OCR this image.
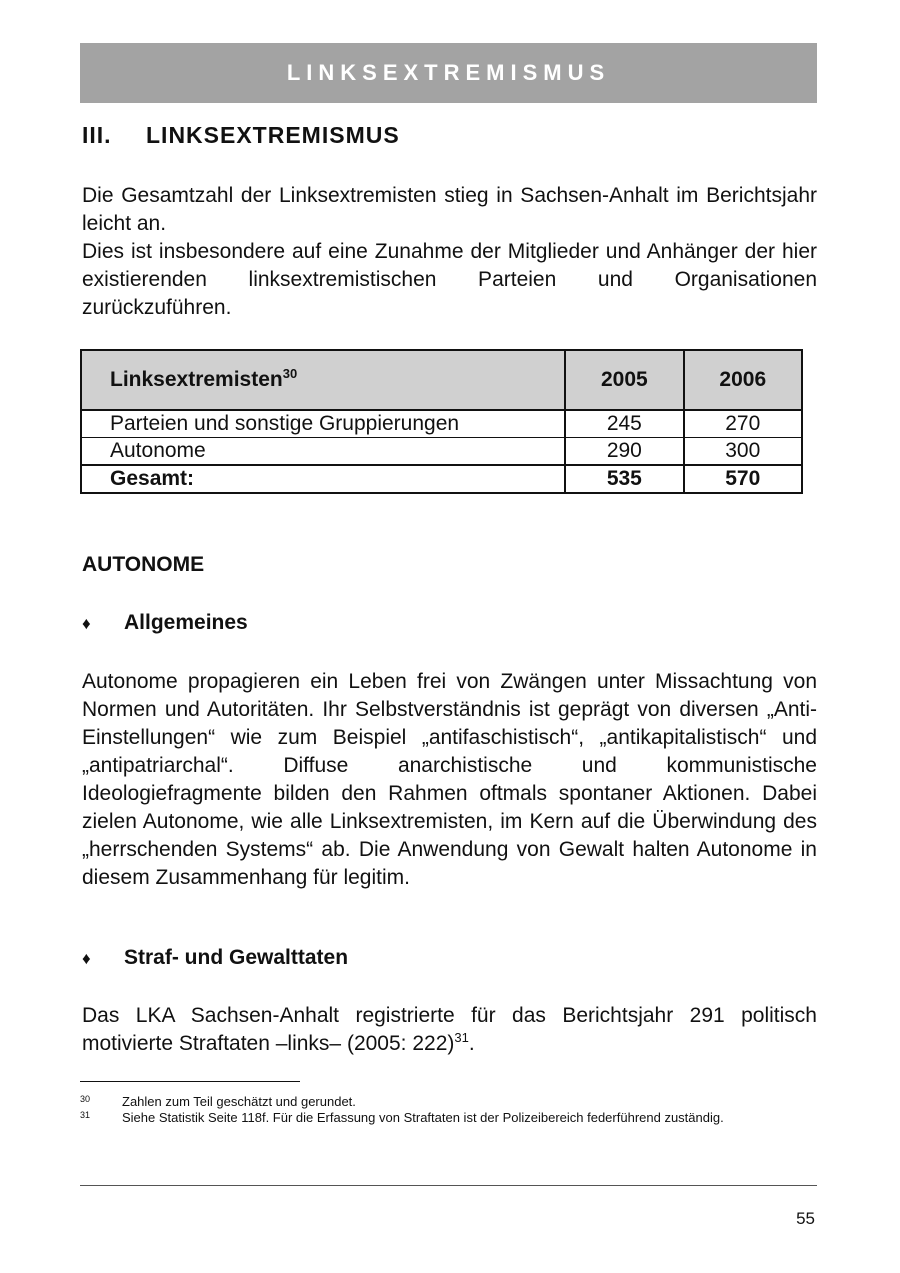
LINKSEXTREMISMUS
III. LINKSEXTREMISMUS

Die Gesamtzahl der Linksextremisten stieg in Sachsen-Anhalt im Berichtsjahr leicht an.

Dies ist insbesondere auf eine Zunahme der Mitglieder und Anhänger der hier existierenden linksextremistischen Parteien und Organisationen zurückzuführen.

Linksextremisten$^{30}$	2005	2006
Parteien und sonstige Gruppierungen	245	270
Autonome	290	300
Gesamt:	535	570
AUTONOME
♦ Allgemeines

Autonome propagieren ein Leben frei von Zwängen unter Missachtung von Normen und Autoritäten. Ihr Selbstverständnis ist geprägt von diversen „Anti-Einstellungen“ wie zum Beispiel „antifaschistisch“, „antikapitalistisch“ und „antipatriarchal“. Diffuse anarchistische und kommunistische Ideologiefragmente bilden den Rahmen oftmals spontaner Aktionen. Dabei zielen Autonome, wie alle Linksextremisten, im Kern auf die Überwindung des „herrschenden Systems“ ab. Die Anwendung von Gewalt halten Autonome in diesem Zusammenhang für legitim.

♦ Straf- und Gewalttaten

Das LKA Sachsen-Anhalt registrierte für das Berichtsjahr 291 politisch motivierte Straftaten –links– (2005: 222)$^{31}$.

30 Zahlen zum Teil geschätzt und gerundet.
31 Siehe Statistik Seite 118f. Für die Erfassung von Straftaten ist der Polizeibereich federführend zuständig.
55
